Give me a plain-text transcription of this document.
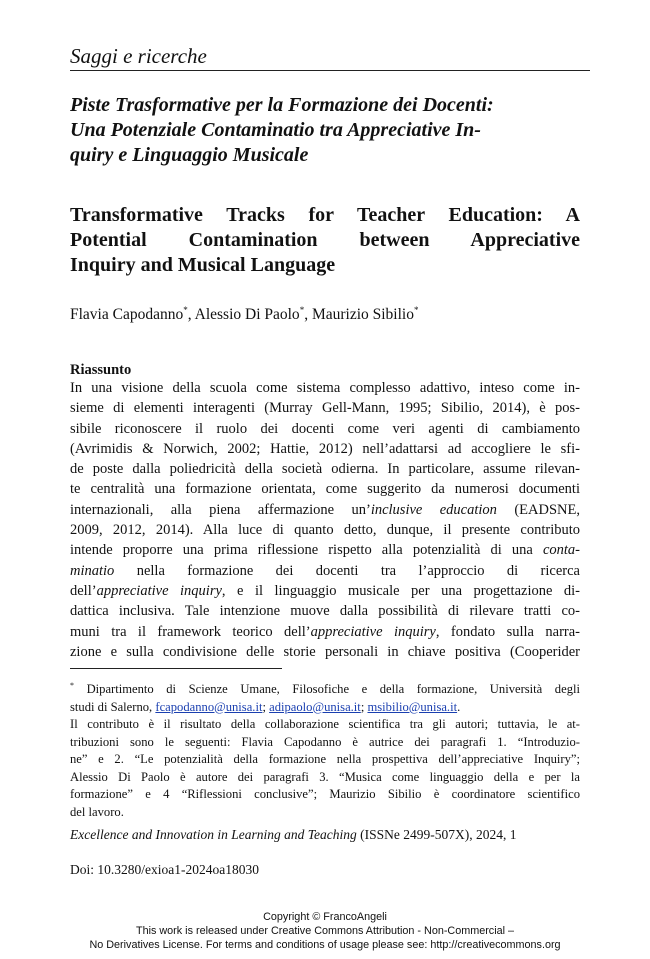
Saggi e ricerche
Piste Trasformative per la Formazione dei Docenti:
Una Potenziale Contaminatio tra Appreciative In-
quiry e Linguaggio Musicale
Transformative Tracks for Teacher Education: A
Potential Contamination between Appreciative
Inquiry and Musical Language
Flavia Capodanno*, Alessio Di Paolo*, Maurizio Sibilio*
Riassunto
In una visione della scuola come sistema complesso adattivo, inteso come in-
sieme di elementi interagenti (Murray Gell-Mann, 1995; Sibilio, 2014), è pos-
sibile riconoscere il ruolo dei docenti come veri agenti di cambiamento
(Avrimidis & Norwich, 2002; Hattie, 2012) nell’adattarsi ad accogliere le sfi-
de poste dalla poliedricità della società odierna. In particolare, assume rilevan-
te centralità una formazione orientata, come suggerito da numerosi documenti
internazionali, alla piena affermazione un’inclusive education (EADSNE,
2009, 2012, 2014). Alla luce di quanto detto, dunque, il presente contributo
intende proporre una prima riflessione rispetto alla potenzialità di una conta-
minatio nella formazione dei docenti tra l’approccio di ricerca
dell’appreciative inquiry, e il linguaggio musicale per una progettazione di-
dattica inclusiva. Tale intenzione muove dalla possibilità di rilevare tratti co-
muni tra il framework teorico dell’appreciative inquiry, fondato sulla narra-
zione e sulla condivisione delle storie personali in chiave positiva (Cooperider
* Dipartimento di Scienze Umane, Filosofiche e della formazione, Università degli
studi di Salerno, fcapodanno@unisa.it; adipaolo@unisa.it; msibilio@unisa.it.
Il contributo è il risultato della collaborazione scientifica tra gli autori; tuttavia, le at-
tribuzioni sono le seguenti: Flavia Capodanno è autrice dei paragrafi 1. “Introduzio-
ne” e 2. “Le potenzialità della formazione nella prospettiva dell’appreciative Inquiry”;
Alessio Di Paolo è autore dei paragrafi 3. “Musica come linguaggio della e per la
formazione” e 4 “Riflessioni conclusive”; Maurizio Sibilio è coordinatore scientifico
del lavoro.
Excellence and Innovation in Learning and Teaching (ISSNe 2499-507X), 2024, 1
Doi: 10.3280/exioa1-2024oa18030
Copyright © FrancoAngeli
This work is released under Creative Commons Attribution - Non-Commercial –
No Derivatives License. For terms and conditions of usage please see: http://creativecommons.org
